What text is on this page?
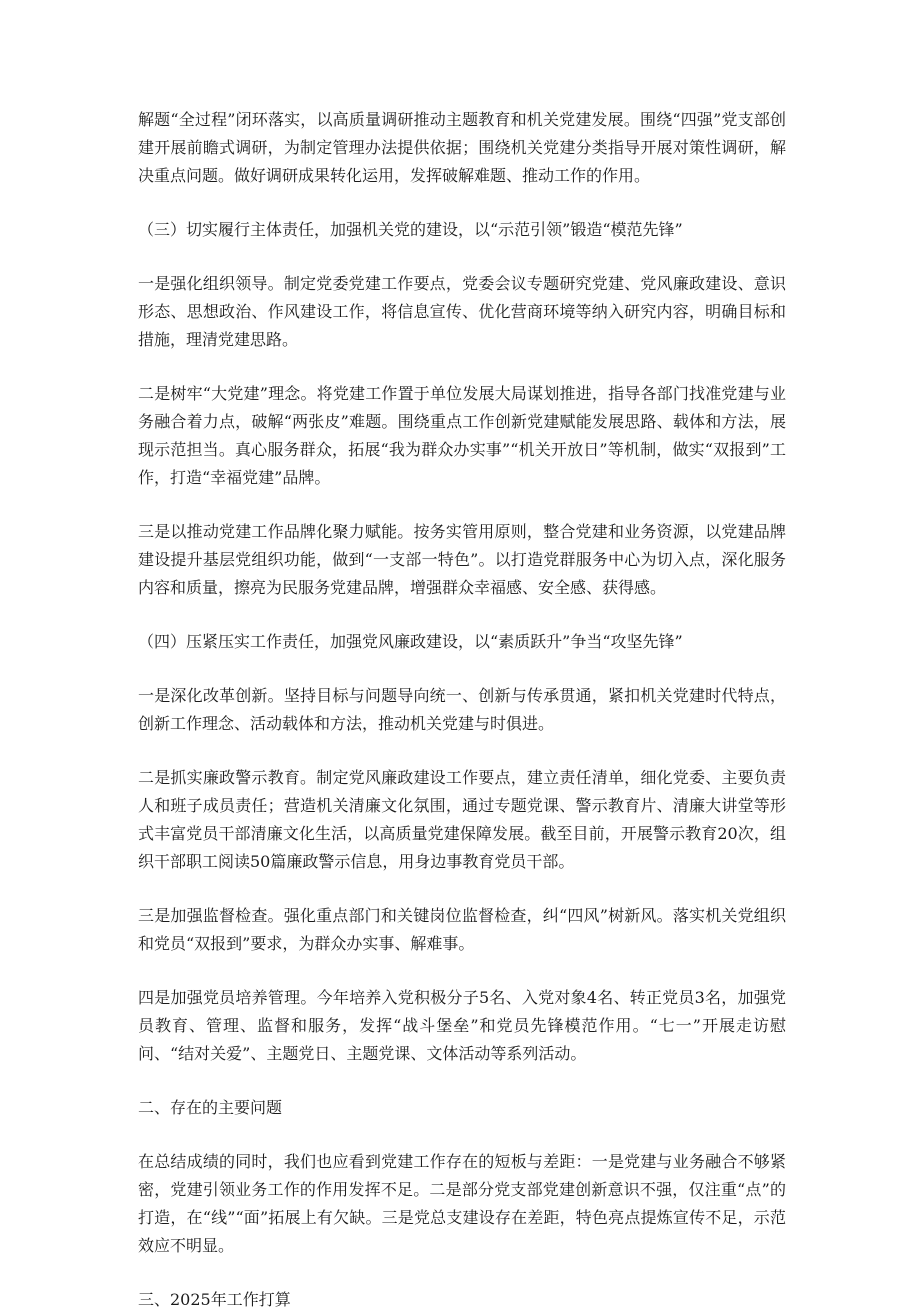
解题“全过程”闭环落实，以高质量调研推动主题教育和机关党建发展。围绕“四强”党支部创建开展前瞻式调研，为制定管理办法提供依据；围绕机关党建分类指导开展对策性调研，解决重点问题。做好调研成果转化运用，发挥破解难题、推动工作的作用。

（三）切实履行主体责任，加强机关党的建设，以“示范引领”锻造“模范先锋”

一是强化组织领导。制定党委党建工作要点，党委会议专题研究党建、党风廉政建设、意识形态、思想政治、作风建设工作，将信息宣传、优化营商环境等纳入研究内容，明确目标和措施，理清党建思路。

二是树牢“大党建”理念。将党建工作置于单位发展大局谋划推进，指导各部门找准党建与业务融合着力点，破解“两张皮”难题。围绕重点工作创新党建赋能发展思路、载体和方法，展现示范担当。真心服务群众，拓展“我为群众办实事”“机关开放日”等机制，做实“双报到”工作，打造“幸福党建”品牌。

三是以推动党建工作品牌化聚力赋能。按务实管用原则，整合党建和业务资源，以党建品牌建设提升基层党组织功能，做到“一支部一特色”。以打造党群服务中心为切入点，深化服务内容和质量，擦亮为民服务党建品牌，增强群众幸福感、安全感、获得感。

（四）压紧压实工作责任，加强党风廉政建设，以“素质跃升”争当“攻坚先锋”

一是深化改革创新。坚持目标与问题导向统一、创新与传承贯通，紧扣机关党建时代特点，创新工作理念、活动载体和方法，推动机关党建与时俱进。

二是抓实廉政警示教育。制定党风廉政建设工作要点，建立责任清单，细化党委、主要负责人和班子成员责任；营造机关清廉文化氛围，通过专题党课、警示教育片、清廉大讲堂等形式丰富党员干部清廉文化生活，以高质量党建保障发展。截至目前，开展警示教育20次，组织干部职工阅读50篇廉政警示信息，用身边事教育党员干部。

三是加强监督检查。强化重点部门和关键岗位监督检查，纠“四风”树新风。落实机关党组织和党员“双报到”要求，为群众办实事、解难事。

四是加强党员培养管理。今年培养入党积极分子5名、入党对象4名、转正党员3名，加强党员教育、管理、监督和服务，发挥“战斗堡垒”和党员先锋模范作用。“七一”开展走访慰问、“结对关爱”、主题党日、主题党课、文体活动等系列活动。

二、存在的主要问题

在总结成绩的同时，我们也应看到党建工作存在的短板与差距：一是党建与业务融合不够紧密，党建引领业务工作的作用发挥不足。二是部分党支部党建创新意识不强，仅注重“点”的打造，在“线”“面”拓展上有欠缺。三是党总支建设存在差距，特色亮点提炼宣传不足，示范效应不明显。

三、2025年工作打算
